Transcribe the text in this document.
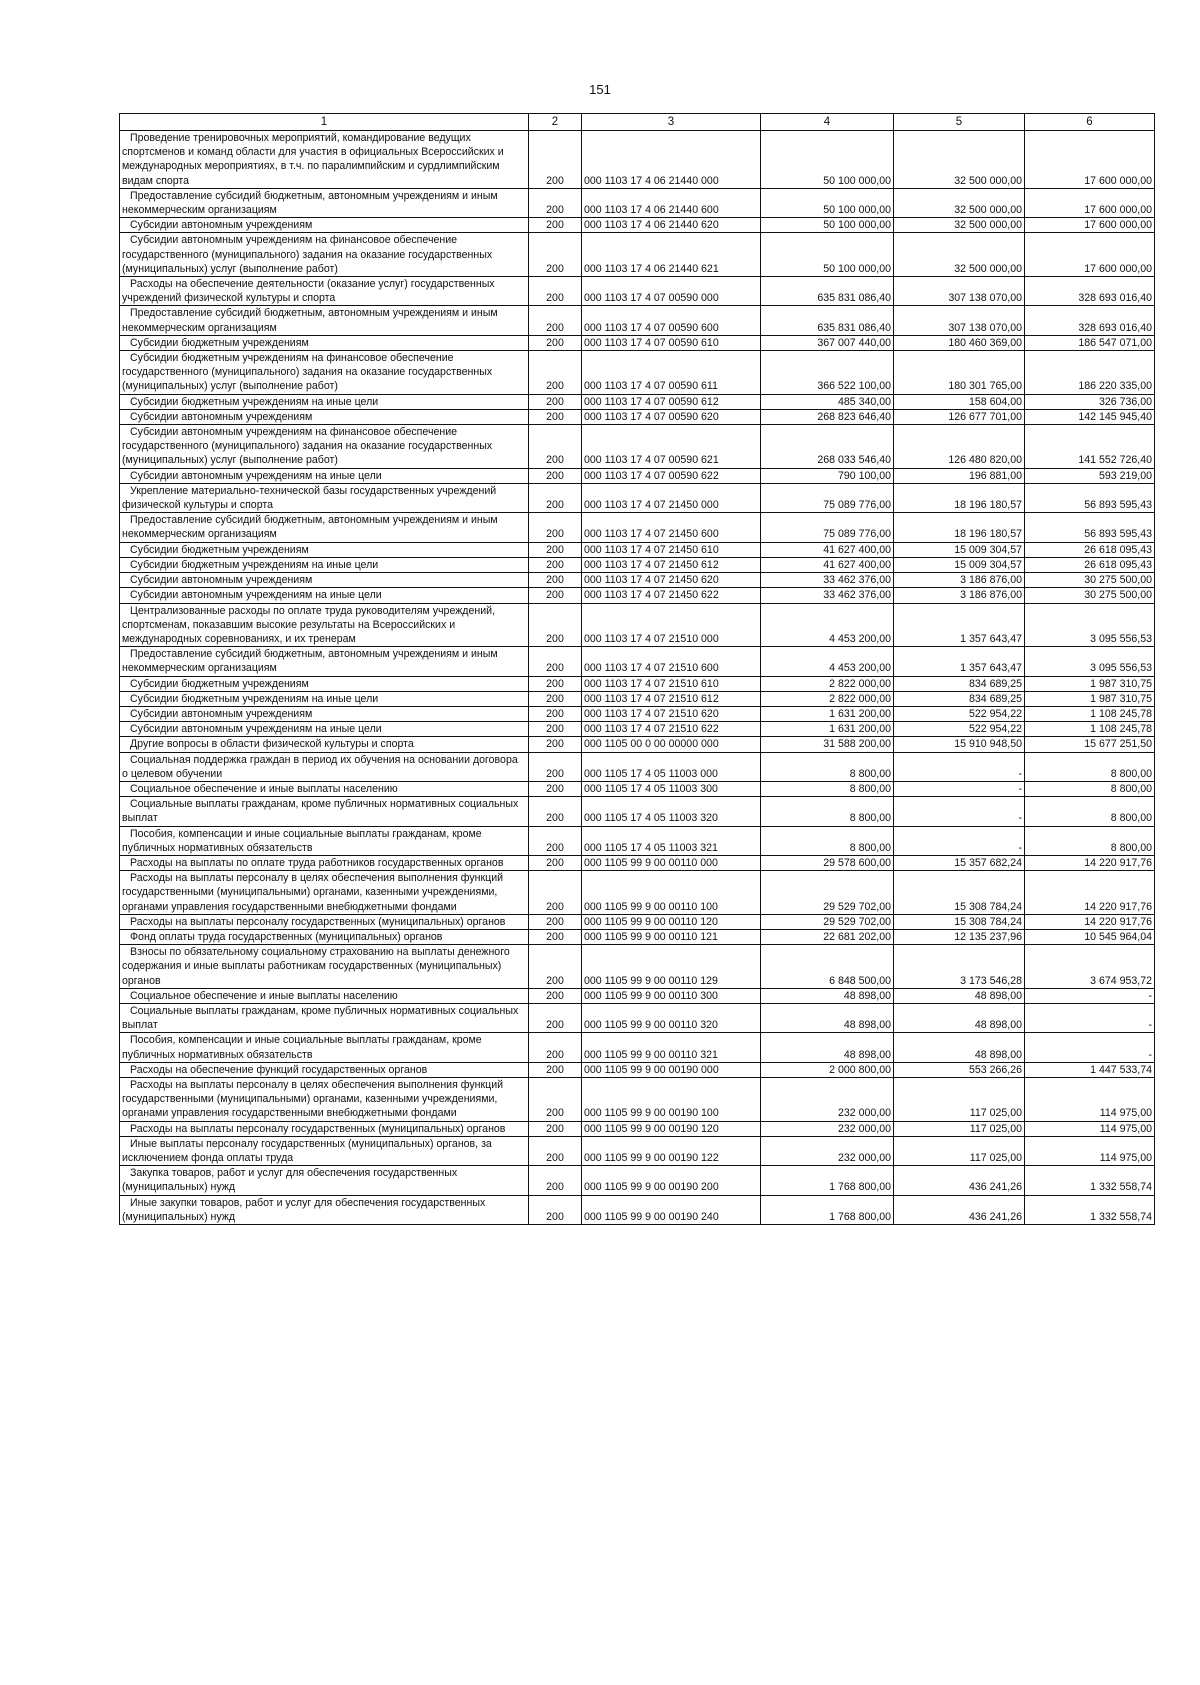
151
1	2	3	4	5	6

Проведение тренировочных мероприятий, командирование ведущих спортсменов и команд области для участия в официальных Всероссийских и международных мероприятиях, в т.ч. по паралимпийским и сурдлимпийским видам спорта	200	000 1103 17 4 06 21440 000	50 100 000,00	32 500 000,00	17 600 000,00

Предоставление субсидий бюджетным, автономным учреждениям и иным некоммерческим организациям	200	000 1103 17 4 06 21440 600	50 100 000,00	32 500 000,00	17 600 000,00

Субсидии автономным учреждениям	200	000 1103 17 4 06 21440 620	50 100 000,00	32 500 000,00	17 600 000,00

Субсидии автономным учреждениям на финансовое обеспечение государственного (муниципального) задания на оказание государственных (муниципальных) услуг (выполнение работ)	200	000 1103 17 4 06 21440 621	50 100 000,00	32 500 000,00	17 600 000,00

Расходы на обеспечение деятельности (оказание услуг) государственных учреждений физической культуры и спорта	200	000 1103 17 4 07 00590 000	635 831 086,40	307 138 070,00	328 693 016,40

Предоставление субсидий бюджетным, автономным учреждениям и иным некоммерческим организациям	200	000 1103 17 4 07 00590 600	635 831 086,40	307 138 070,00	328 693 016,40

Субсидии бюджетным учреждениям	200	000 1103 17 4 07 00590 610	367 007 440,00	180 460 369,00	186 547 071,00

Субсидии бюджетным учреждениям на финансовое обеспечение государственного (муниципального) задания на оказание государственных (муниципальных) услуг (выполнение работ)	200	000 1103 17 4 07 00590 611	366 522 100,00	180 301 765,00	186 220 335,00

Субсидии бюджетным учреждениям на иные цели	200	000 1103 17 4 07 00590 612	485 340,00	158 604,00	326 736,00

Субсидии автономным учреждениям	200	000 1103 17 4 07 00590 620	268 823 646,40	126 677 701,00	142 145 945,40

Субсидии автономным учреждениям на финансовое обеспечение государственного (муниципального) задания на оказание государственных (муниципальных) услуг (выполнение работ)	200	000 1103 17 4 07 00590 621	268 033 546,40	126 480 820,00	141 552 726,40

Субсидии автономным учреждениям на иные цели	200	000 1103 17 4 07 00590 622	790 100,00	196 881,00	593 219,00

Укрепление материально-технической базы государственных учреждений физической культуры и спорта	200	000 1103 17 4 07 21450 000	75 089 776,00	18 196 180,57	56 893 595,43

Предоставление субсидий бюджетным, автономным учреждениям и иным некоммерческим организациям	200	000 1103 17 4 07 21450 600	75 089 776,00	18 196 180,57	56 893 595,43

Субсидии бюджетным учреждениям	200	000 1103 17 4 07 21450 610	41 627 400,00	15 009 304,57	26 618 095,43

Субсидии бюджетным учреждениям на иные цели	200	000 1103 17 4 07 21450 612	41 627 400,00	15 009 304,57	26 618 095,43

Субсидии автономным учреждениям	200	000 1103 17 4 07 21450 620	33 462 376,00	3 186 876,00	30 275 500,00

Субсидии автономным учреждениям на иные цели	200	000 1103 17 4 07 21450 622	33 462 376,00	3 186 876,00	30 275 500,00

Централизованные расходы по оплате труда руководителям учреждений, спортсменам, показавшим высокие результаты на Всероссийских и международных соревнованиях, и их тренерам	200	000 1103 17 4 07 21510 000	4 453 200,00	1 357 643,47	3 095 556,53

Предоставление субсидий бюджетным, автономным учреждениям и иным некоммерческим организациям	200	000 1103 17 4 07 21510 600	4 453 200,00	1 357 643,47	3 095 556,53

Субсидии бюджетным учреждениям	200	000 1103 17 4 07 21510 610	2 822 000,00	834 689,25	1 987 310,75

Субсидии бюджетным учреждениям на иные цели	200	000 1103 17 4 07 21510 612	2 822 000,00	834 689,25	1 987 310,75

Субсидии автономным учреждениям	200	000 1103 17 4 07 21510 620	1 631 200,00	522 954,22	1 108 245,78

Субсидии автономным учреждениям на иные цели	200	000 1103 17 4 07 21510 622	1 631 200,00	522 954,22	1 108 245,78

Другие вопросы в области физической культуры и спорта	200	000 1105 00 0 00 00000 000	31 588 200,00	15 910 948,50	15 677 251,50

Социальная поддержка граждан в период их обучения на основании договора о целевом обучении	200	000 1105 17 4 05 11003 000	8 800,00	-	8 800,00

Социальное обеспечение и иные выплаты населению	200	000 1105 17 4 05 11003 300	8 800,00	-	8 800,00

Социальные выплаты гражданам, кроме публичных нормативных социальных выплат	200	000 1105 17 4 05 11003 320	8 800,00	-	8 800,00

Пособия, компенсации и иные социальные выплаты гражданам, кроме публичных нормативных обязательств	200	000 1105 17 4 05 11003 321	8 800,00	-	8 800,00

Расходы на выплаты по оплате труда работников государственных органов	200	000 1105 99 9 00 00110 000	29 578 600,00	15 357 682,24	14 220 917,76

Расходы на выплаты персоналу в целях обеспечения выполнения функций государственными (муниципальными) органами, казенными учреждениями, органами управления государственными внебюджетными фондами	200	000 1105 99 9 00 00110 100	29 529 702,00	15 308 784,24	14 220 917,76

Расходы на выплаты персоналу государственных (муниципальных) органов	200	000 1105 99 9 00 00110 120	29 529 702,00	15 308 784,24	14 220 917,76

Фонд оплаты труда государственных (муниципальных) органов	200	000 1105 99 9 00 00110 121	22 681 202,00	12 135 237,96	10 545 964,04

Взносы по обязательному социальному страхованию на выплаты денежного содержания и иные выплаты работникам государственных (муниципальных) органов	200	000 1105 99 9 00 00110 129	6 848 500,00	3 173 546,28	3 674 953,72

Социальное обеспечение и иные выплаты населению	200	000 1105 99 9 00 00110 300	48 898,00	48 898,00	-

Социальные выплаты гражданам, кроме публичных нормативных социальных выплат	200	000 1105 99 9 00 00110 320	48 898,00	48 898,00	-

Пособия, компенсации и иные социальные выплаты гражданам, кроме публичных нормативных обязательств	200	000 1105 99 9 00 00110 321	48 898,00	48 898,00	-

Расходы на обеспечение функций государственных органов	200	000 1105 99 9 00 00190 000	2 000 800,00	553 266,26	1 447 533,74

Расходы на выплаты персоналу в целях обеспечения выполнения функций государственными (муниципальными) органами, казенными учреждениями, органами управления государственными внебюджетными фондами	200	000 1105 99 9 00 00190 100	232 000,00	117 025,00	114 975,00

Расходы на выплаты персоналу государственных (муниципальных) органов	200	000 1105 99 9 00 00190 120	232 000,00	117 025,00	114 975,00

Иные выплаты персоналу государственных (муниципальных) органов, за исключением фонда оплаты труда	200	000 1105 99 9 00 00190 122	232 000,00	117 025,00	114 975,00

Закупка товаров, работ и услуг для обеспечения государственных (муниципальных) нужд	200	000 1105 99 9 00 00190 200	1 768 800,00	436 241,26	1 332 558,74

Иные закупки товаров, работ и услуг для обеспечения государственных (муниципальных) нужд	200	000 1105 99 9 00 00190 240	1 768 800,00	436 241,26	1 332 558,74
